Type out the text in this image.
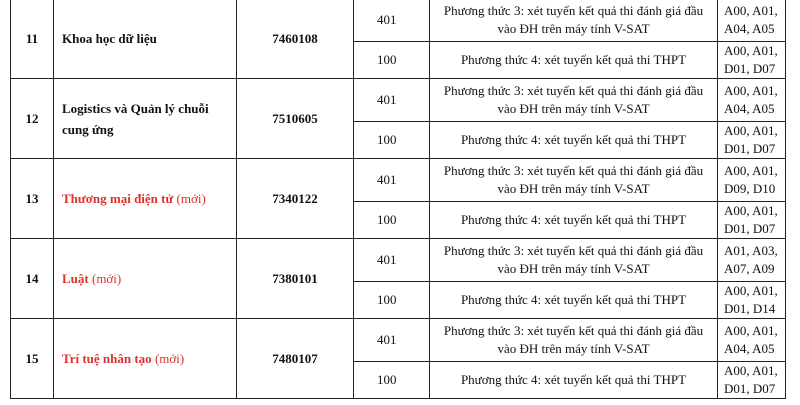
11	Khoa học dữ liệu	7460108	401	Phương thức 3: xét tuyển kết quả thi đánh giá đầu vào ĐH trên máy tính V-SAT	A00, A01, A04, A05
			100	Phương thức 4: xét tuyển kết quả thi THPT	A00, A01, D01, D07
12	Logistics và Quản lý chuỗi cung ứng	7510605	401	Phương thức 3: xét tuyển kết quả thi đánh giá đầu vào ĐH trên máy tính V-SAT	A00, A01, A04, A05
			100	Phương thức 4: xét tuyển kết quả thi THPT	A00, A01, D01, D07
13	Thương mại điện tử (mới)	7340122	401	Phương thức 3: xét tuyển kết quả thi đánh giá đầu vào ĐH trên máy tính V-SAT	A00, A01, D09, D10
			100	Phương thức 4: xét tuyển kết quả thi THPT	A00, A01, D01, D07
14	Luật (mới)	7380101	401	Phương thức 3: xét tuyển kết quả thi đánh giá đầu vào ĐH trên máy tính V-SAT	A01, A03, A07, A09
			100	Phương thức 4: xét tuyển kết quả thi THPT	A00, A01, D01, D14
15	Trí tuệ nhân tạo (mới)	7480107	401	Phương thức 3: xét tuyển kết quả thi đánh giá đầu vào ĐH trên máy tính V-SAT	A00, A01, A04, A05
			100	Phương thức 4: xét tuyển kết quả thi THPT	A00, A01, D01, D07
